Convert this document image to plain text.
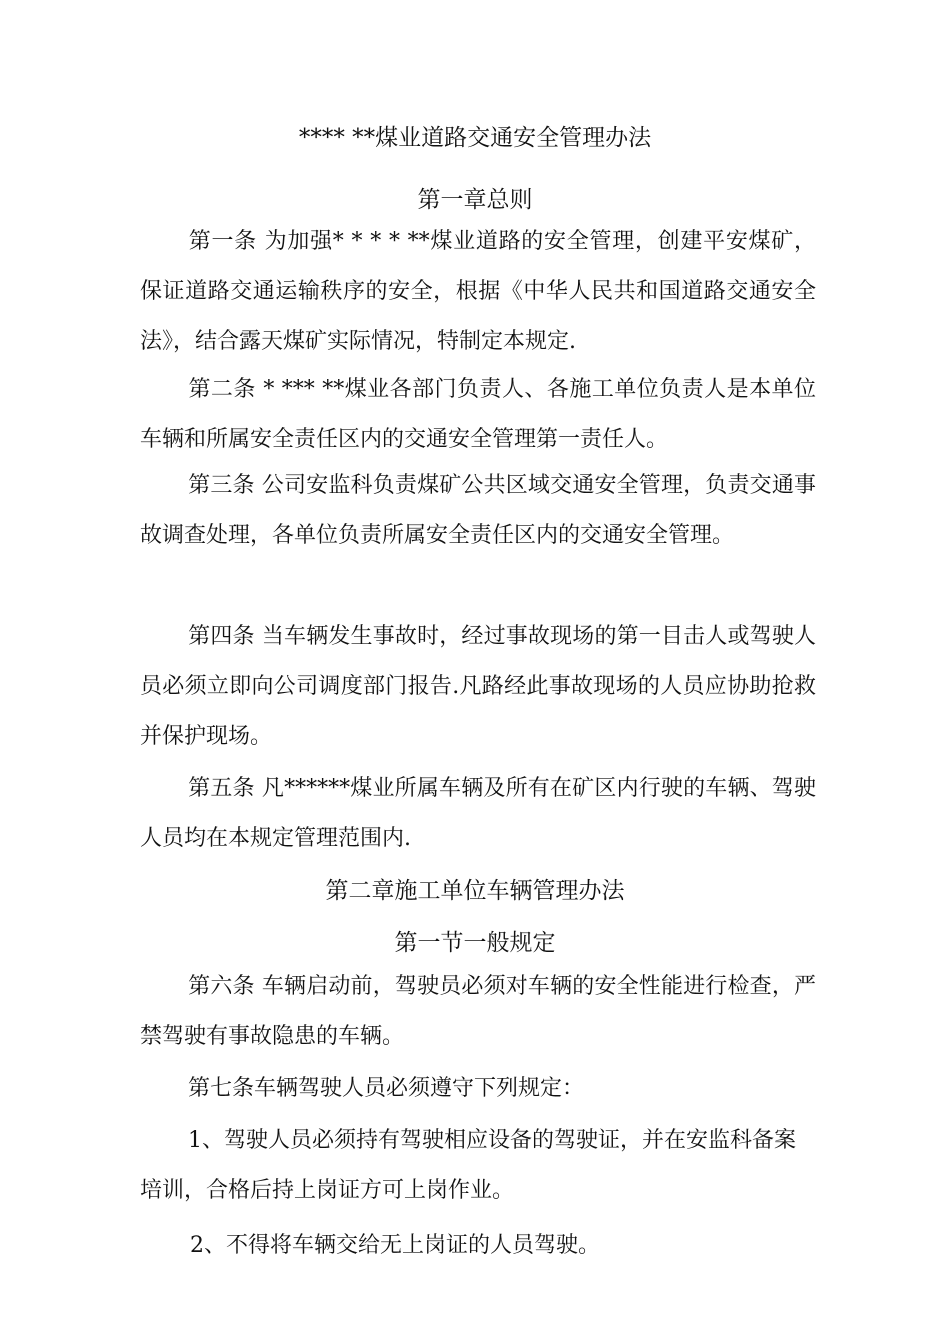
**** **煤业道路交通安全管理办法
第一章总则
第一条 为加强* * * * **煤业道路的安全管理，创建平安煤矿，保证道路交通运输秩序的安全，根据《中华人民共和国道路交通安全法》，结合露天煤矿实际情况，特制定本规定.
第二条 * *** **煤业各部门负责人、各施工单位负责人是本单位车辆和所属安全责任区内的交通安全管理第一责任人。
第三条 公司安监科负责煤矿公共区域交通安全管理，负责交通事故调查处理，各单位负责所属安全责任区内的交通安全管理。
第四条 当车辆发生事故时，经过事故现场的第一目击人或驾驶人员必须立即向公司调度部门报告.凡路经此事故现场的人员应协助抢救并保护现场。
第五条 凡******煤业所属车辆及所有在矿区内行驶的车辆、驾驶人员均在本规定管理范围内.
第二章施工单位车辆管理办法
第一节一般规定
第六条 车辆启动前，驾驶员必须对车辆的安全性能进行检查，严禁驾驶有事故隐患的车辆。
第七条车辆驾驶人员必须遵守下列规定：
1、驾驶人员必须持有驾驶相应设备的驾驶证，并在安监科备案
培训，合格后持上岗证方可上岗作业。
2、不得将车辆交给无上岗证的人员驾驶。
